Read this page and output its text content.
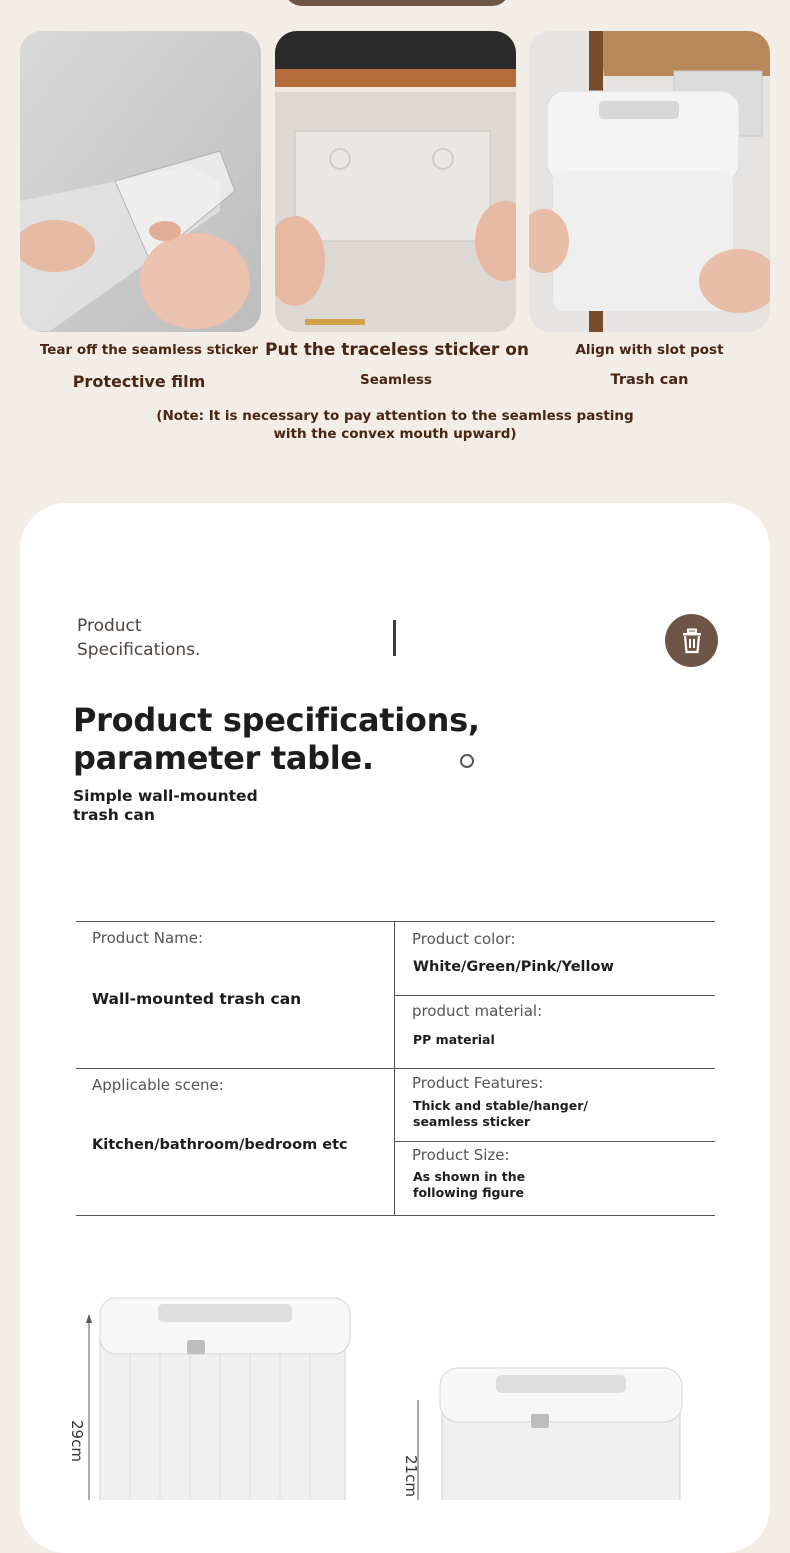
Tear off the seamless sticker
Protective film
Put the traceless sticker on
Seamless
Align with slot post
Trash can
(Note: It is necessary to pay attention to the seamless pasting with the convex mouth upward)
Product
Specifications.
Product specifications,
parameter table.
Simple wall-mounted
trash can
Product Name:
Wall-mounted trash can
Product color:
White/Green/Pink/Yellow
product material:
PP material
Applicable scene:
Kitchen/bathroom/bedroom etc
Product Features:
Thick and stable/hanger/
seamless sticker
Product Size:
As shown in the
following figure
29cm
21cm
